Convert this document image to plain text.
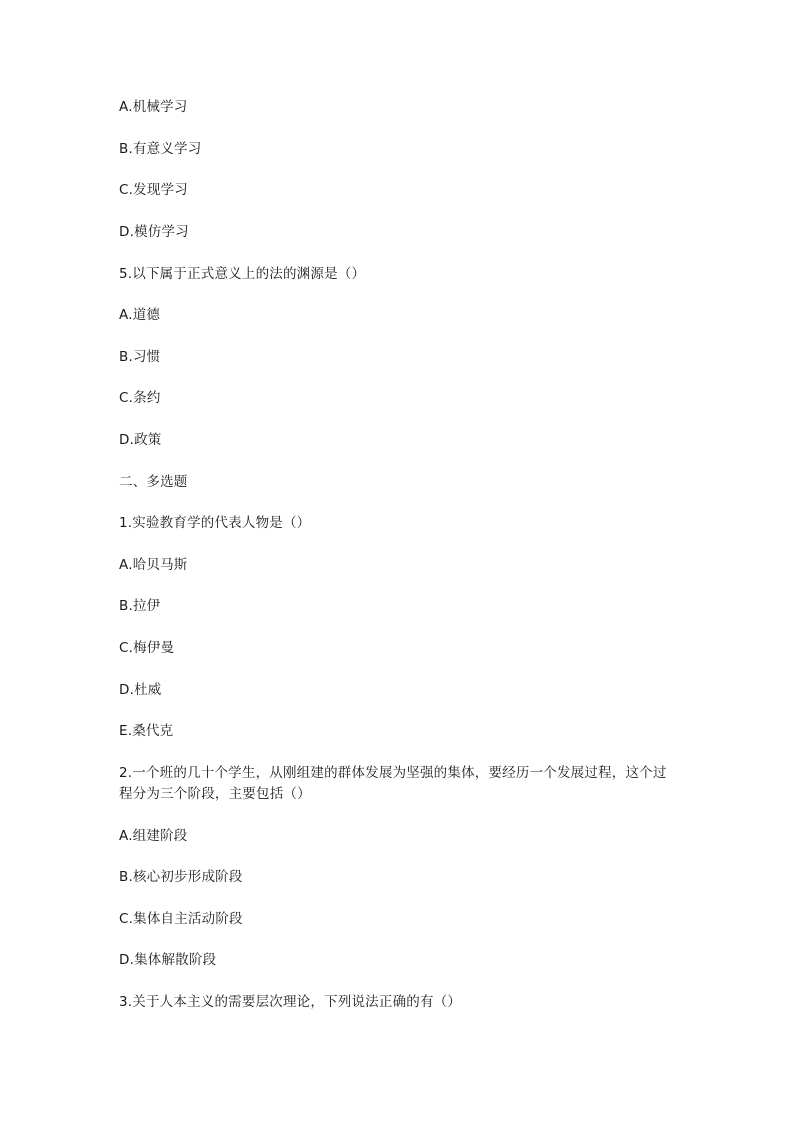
A.机械学习
B.有意义学习
C.发现学习
D.模仿学习
5.以下属于正式意义上的法的渊源是（）
A.道德
B.习惯
C.条约
D.政策
二、多选题
1.实验教育学的代表人物是（）
A.哈贝马斯
B.拉伊
C.梅伊曼
D.杜威
E.桑代克
2.一个班的几十个学生，从刚组建的群体发展为坚强的集体，要经历一个发展过程，这个过程分为三个阶段，主要包括（）
A.组建阶段
B.核心初步形成阶段
C.集体自主活动阶段
D.集体解散阶段
3.关于人本主义的需要层次理论，下列说法正确的有（）
